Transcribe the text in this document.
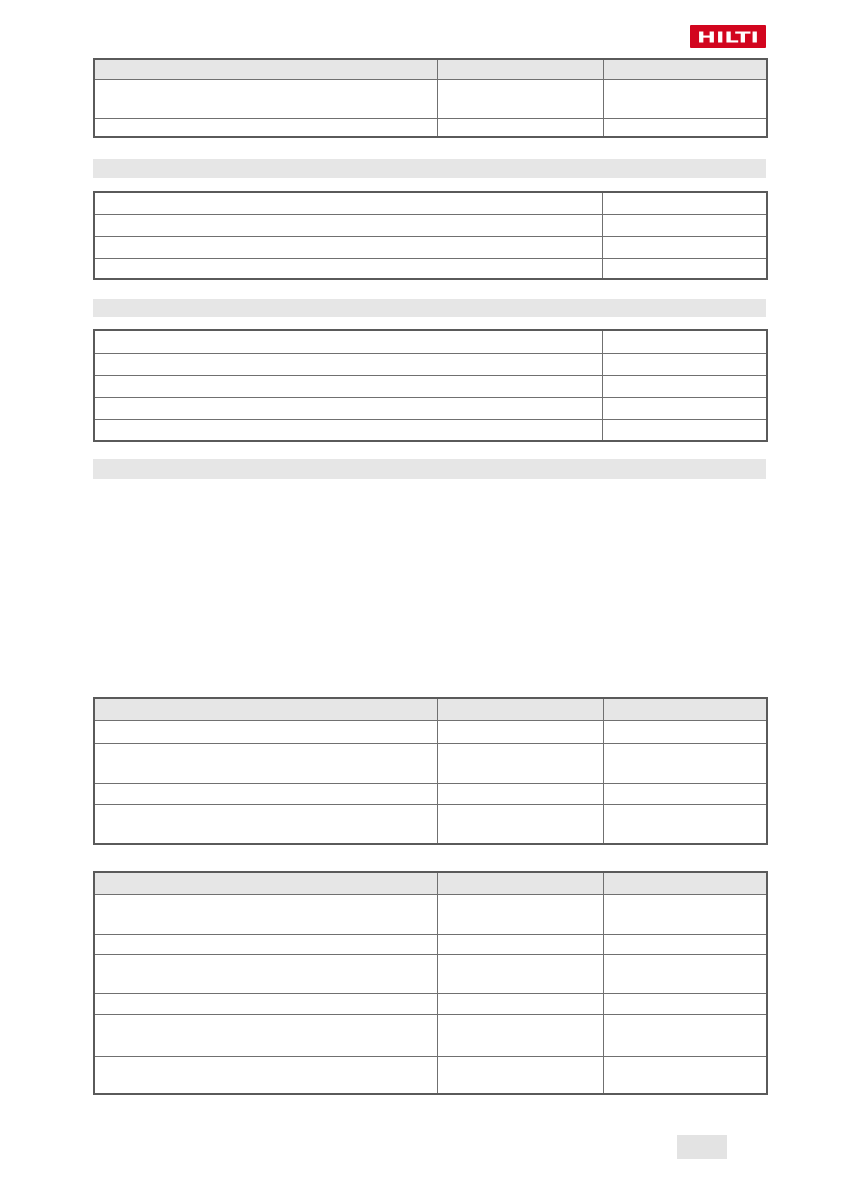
HILTI
